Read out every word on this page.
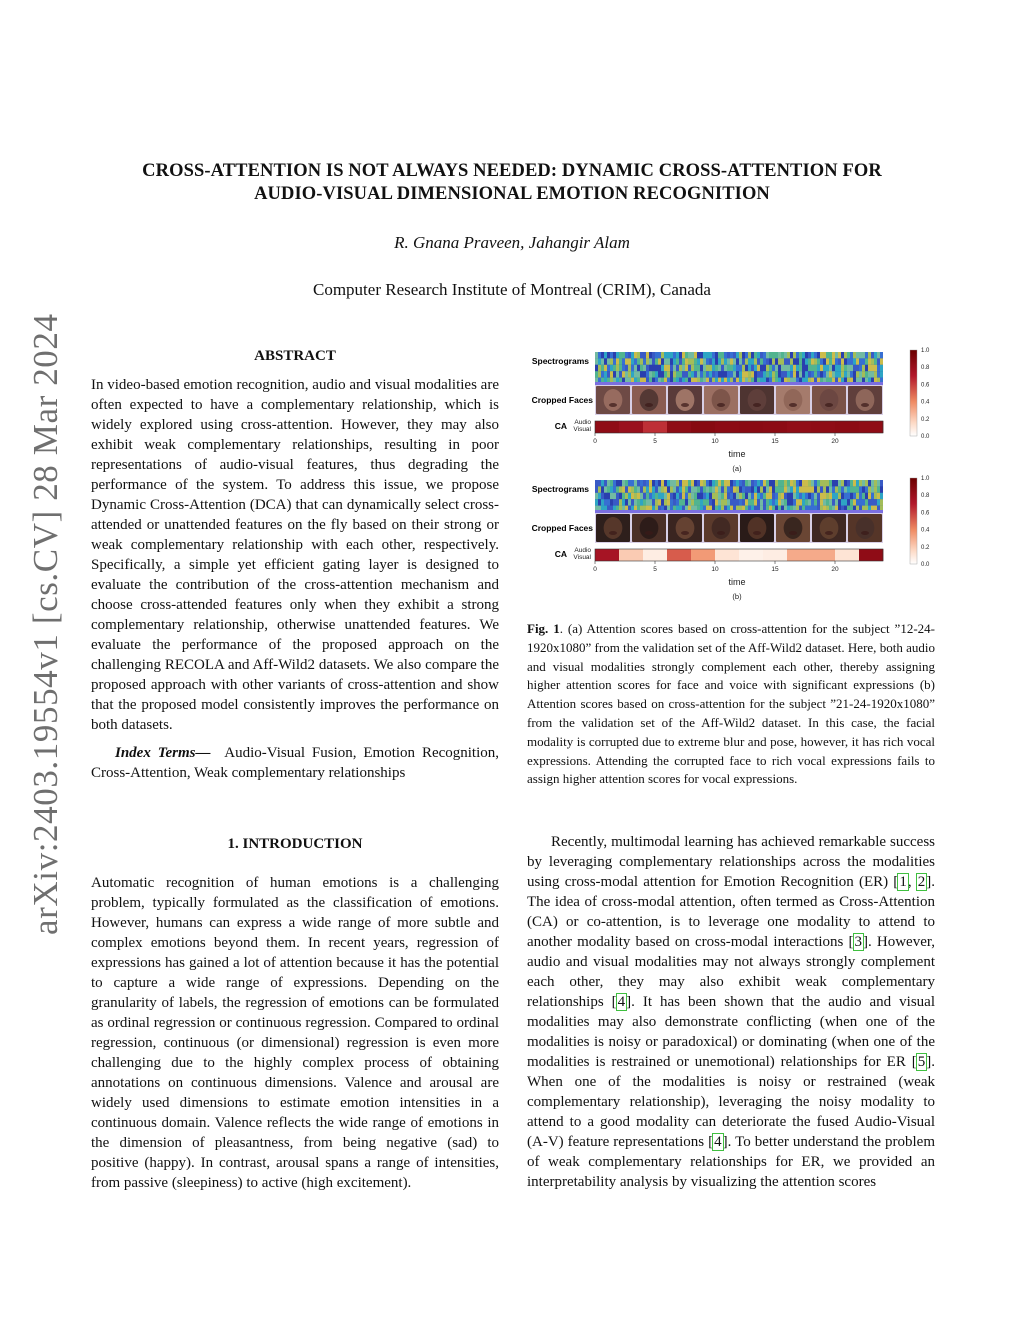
arXiv:2403.19554v1 [cs.CV] 28 Mar 2024
CROSS-ATTENTION IS NOT ALWAYS NEEDED: DYNAMIC CROSS-ATTENTION FOR
AUDIO-VISUAL DIMENSIONAL EMOTION RECOGNITION
R. Gnana Praveen, Jahangir Alam
Computer Research Institute of Montreal (CRIM), Canada
ABSTRACT

In video-based emotion recognition, audio and visual modalities are often expected to have a complementary relationship, which is widely explored using cross-attention. However, they may also exhibit weak complementary relationships, resulting in poor representations of audio-visual features, thus degrading the performance of the system. To address this issue, we propose Dynamic Cross-Attention (DCA) that can dynamically select cross-attended or unattended features on the fly based on their strong or weak complementary relationship with each other, respectively. Specifically, a simple yet efficient gating layer is designed to evaluate the contribution of the cross-attention mechanism and choose cross-attended features only when they exhibit a strong complementary relationship, otherwise unattended features. We evaluate the performance of the proposed approach on the challenging RECOLA and Aff-Wild2 datasets. We also compare the proposed approach with other variants of cross-attention and show that the proposed model consistently improves the performance on both datasets.

Index Terms— Audio-Visual Fusion, Emotion Recognition, Cross-Attention, Weak complementary relationships

1. INTRODUCTION

Automatic recognition of human emotions is a challenging problem, typically formulated as the classification of emotions. However, humans can express a wide range of more subtle and complex emotions beyond them. In recent years, regression of expressions has gained a lot of attention because it has the potential to capture a wide range of expressions. Depending on the granularity of labels, the regression of emotions can be formulated as ordinal regression or continuous regression. Compared to ordinal regression, continuous (or dimensional) regression is even more challenging due to the highly complex process of obtaining annotations on continuous dimensions. Valence and arousal are widely used dimensions to estimate emotion intensities in a continuous domain. Valence reflects the wide range of emotions in the dimension of pleasantness, from being negative (sad) to positive (happy). In contrast, arousal spans a range of intensities, from passive (sleepiness) to active (high excitement).

Spectrograms
Cropped Faces
CA Audio
Visual
0	5	10	15	20
time
(a)
1.0
0.8
0.6
0.4
0.2
0.0
Spectrograms
Cropped Faces
CA Audio
Visual
0	5	10	15	20
time
(b)
1.0
0.8
0.6
0.4
0.2
0.0

Fig. 1. (a) Attention scores based on cross-attention for the subject ”12-24-1920x1080” from the validation set of the Aff-Wild2 dataset. Here, both audio and visual modalities strongly complement each other, thereby assigning higher attention scores for face and voice with significant expressions (b) Attention scores based on cross-attention for the subject ”21-24-1920x1080” from the validation set of the Aff-Wild2 dataset. In this case, the facial modality is corrupted due to extreme blur and pose, however, it has rich vocal expressions. Attending the corrupted face to rich vocal expressions fails to assign higher attention scores for vocal expressions.

Recently, multimodal learning has achieved remarkable success by leveraging complementary relationships across the modalities using cross-modal attention for Emotion Recognition (ER) [1, 2]. The idea of cross-modal attention, often termed as Cross-Attention (CA) or co-attention, is to leverage one modality to attend to another modality based on cross-modal interactions [3]. However, audio and visual modalities may not always strongly complement each other, they may also exhibit weak complementary relationships [4]. It has been shown that the audio and visual modalities may also demonstrate conflicting (when one of the modalities is noisy or paradoxical) or dominating (when one of the modalities is restrained or unemotional) relationships for ER [5]. When one of the modalities is noisy or restrained (weak complementary relationship), leveraging the noisy modality to attend to a good modality can deteriorate the fused Audio-Visual (A-V) feature representations [4]. To better understand the problem of weak complementary relationships for ER, we provided an interpretability analysis by visualizing the attention scores
